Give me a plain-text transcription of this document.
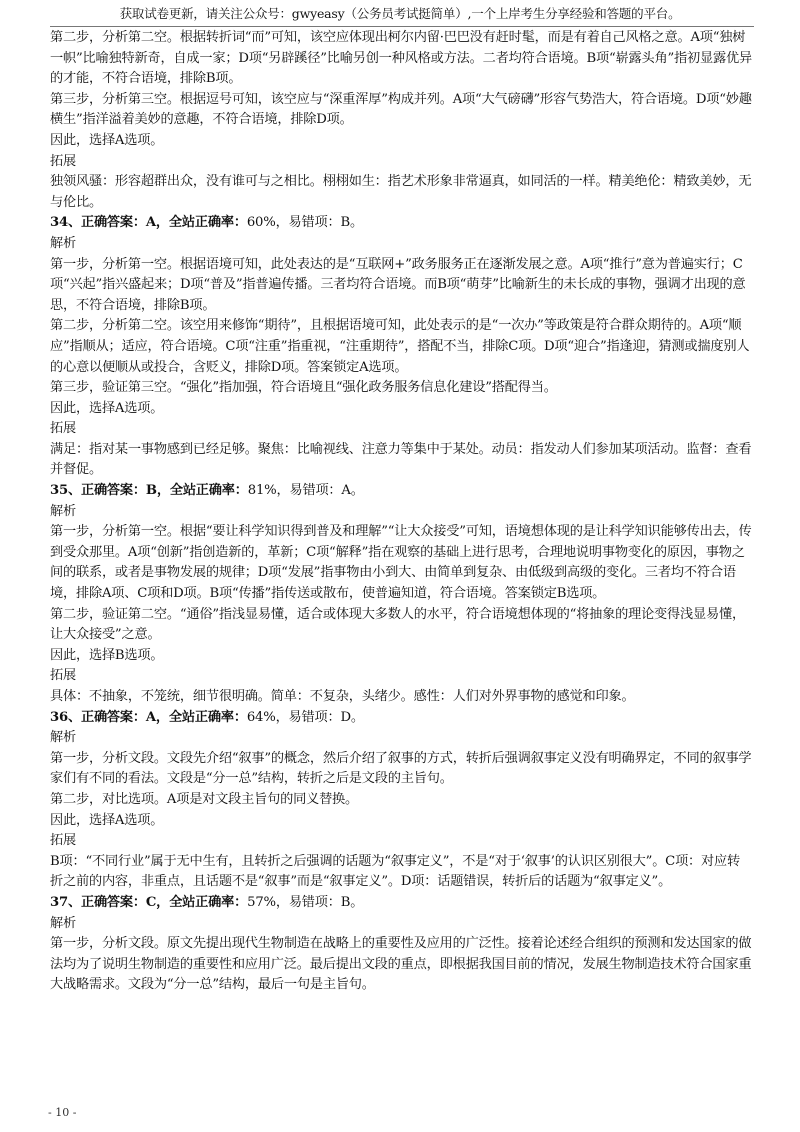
获取试卷更新，请关注公众号：gwyeasy（公务员考试挺简单）,一个上岸考生分享经验和答题的平台。

第二步，分析第二空。根据转折词“而”可知，该空应体现出柯尔内留·巴巴没有赶时髦，而是有着自己风格之意。A项“独树一帜”比喻独特新奇，自成一家；D项“另辟蹊径”比喻另创一种风格或方法。二者均符合语境。B项“崭露头角”指初显露优异的才能，不符合语境，排除B项。

第三步，分析第三空。根据逗号可知，该空应与“深重浑厚”构成并列。A项“大气磅礴”形容气势浩大，符合语境。D项“妙趣横生”指洋溢着美妙的意趣，不符合语境，排除D项。

因此，选择A选项。

拓展

独领风骚：形容超群出众，没有谁可与之相比。栩栩如生：指艺术形象非常逼真，如同活的一样。精美绝伦：精致美妙，无与伦比。

34、正确答案：A，全站正确率：60%，易错项：B。

解析

第一步，分析第一空。根据语境可知，此处表达的是“互联网+”政务服务正在逐渐发展之意。A项“推行”意为普遍实行；C项“兴起”指兴盛起来；D项“普及”指普遍传播。三者均符合语境。而B项“萌芽”比喻新生的未长成的事物，强调才出现的意思，不符合语境，排除B项。

第二步，分析第二空。该空用来修饰“期待”，且根据语境可知，此处表示的是“一次办”等政策是符合群众期待的。A项“顺应”指顺从；适应，符合语境。C项“注重”指重视，“注重期待”，搭配不当，排除C项。D项“迎合”指逢迎，猜测或揣度别人的心意以便顺从或投合，含贬义，排除D项。答案锁定A选项。

第三步，验证第三空。“强化”指加强，符合语境且“强化政务服务信息化建设”搭配得当。

因此，选择A选项。

拓展

满足：指对某一事物感到已经足够。聚焦：比喻视线、注意力等集中于某处。动员：指发动人们参加某项活动。监督：查看并督促。

35、正确答案：B，全站正确率：81%，易错项：A。

解析

第一步，分析第一空。根据“要让科学知识得到普及和理解”“让大众接受”可知，语境想体现的是让科学知识能够传出去，传到受众那里。A项“创新”指创造新的，革新；C项“解释”指在观察的基础上进行思考，合理地说明事物变化的原因，事物之间的联系，或者是事物发展的规律；D项“发展”指事物由小到大、由简单到复杂、由低级到高级的变化。三者均不符合语境，排除A项、C项和D项。B项“传播”指传送或散布，使普遍知道，符合语境。答案锁定B选项。

第二步，验证第二空。“通俗”指浅显易懂，适合或体现大多数人的水平，符合语境想体现的“将抽象的理论变得浅显易懂，让大众接受”之意。

因此，选择B选项。

拓展

具体：不抽象，不笼统，细节很明确。简单：不复杂，头绪少。感性：人们对外界事物的感觉和印象。

36、正确答案：A，全站正确率：64%，易错项：D。

解析

第一步，分析文段。文段先介绍“叙事”的概念，然后介绍了叙事的方式，转折后强调叙事定义没有明确界定，不同的叙事学家们有不同的看法。文段是“分一总”结构，转折之后是文段的主旨句。

第二步，对比选项。A项是对文段主旨句的同义替换。

因此，选择A选项。

拓展

B项：“不同行业”属于无中生有，且转折之后强调的话题为“叙事定义”，不是“对于‘叙事’的认识区别很大”。C项：对应转折之前的内容，非重点，且话题不是“叙事”而是“叙事定义”。D项：话题错误，转折后的话题为“叙事定义”。

37、正确答案：C，全站正确率：57%，易错项：B。

解析

第一步，分析文段。原文先提出现代生物制造在战略上的重要性及应用的广泛性。接着论述经合组织的预测和发达国家的做法均为了说明生物制造的重要性和应用广泛。最后提出文段的重点，即根据我国目前的情况，发展生物制造技术符合国家重大战略需求。文段为“分一总”结构，最后一句是主旨句。

- 10 -
